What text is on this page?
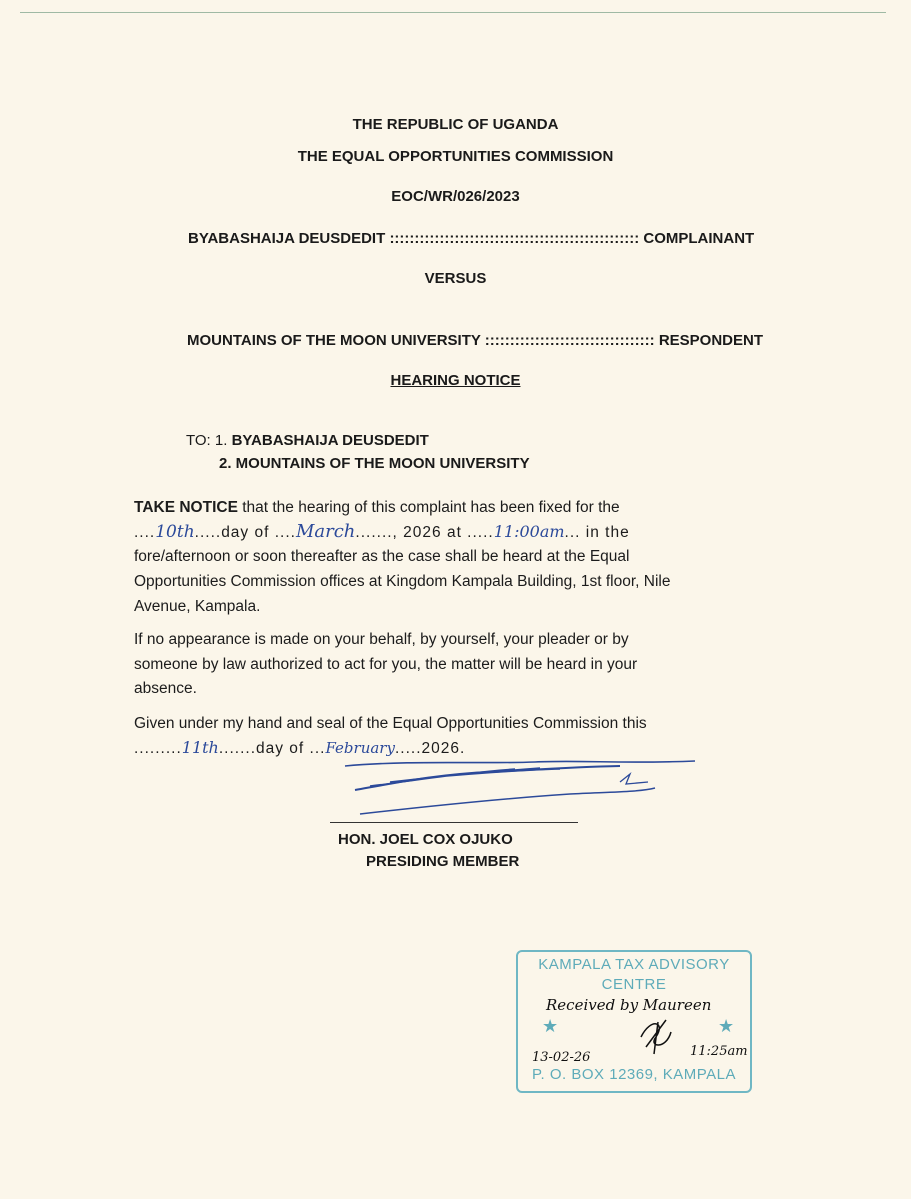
THE REPUBLIC OF UGANDA
THE EQUAL OPPORTUNITIES COMMISSION
EOC/WR/026/2023
BYABASHAIJA DEUSDEDIT :::::::::::::::::::::::::::::::::::::::::::::::::: COMPLAINANT
VERSUS
MOUNTAINS OF THE MOON UNIVERSITY :::::::::::::::::::::::::::::::::: RESPONDENT
HEARING NOTICE
TO: 1. BYABASHAIJA DEUSDEDIT
2. MOUNTAINS OF THE MOON UNIVERSITY
TAKE NOTICE that the hearing of this complaint has been fixed for the
....10th.....day of ....March......., 2026 at .....11:00am... in the
fore/afternoon or soon thereafter as the case shall be heard at the Equal
Opportunities Commission offices at Kingdom Kampala Building, 1st floor, Nile
Avenue, Kampala.
If no appearance is made on your behalf, by yourself, your pleader or by
someone by law authorized to act for you, the matter will be heard in your
absence.
Given under my hand and seal of the Equal Opportunities Commission this
.........11th.......day of ...February.....2026.
HON. JOEL COX OJUKO
PRESIDING MEMBER
KAMPALA TAX ADVISORY
CENTRE
Received by Maureen
★	★
13-02-26	11:25am
P. O. BOX 12369, KAMPALA
